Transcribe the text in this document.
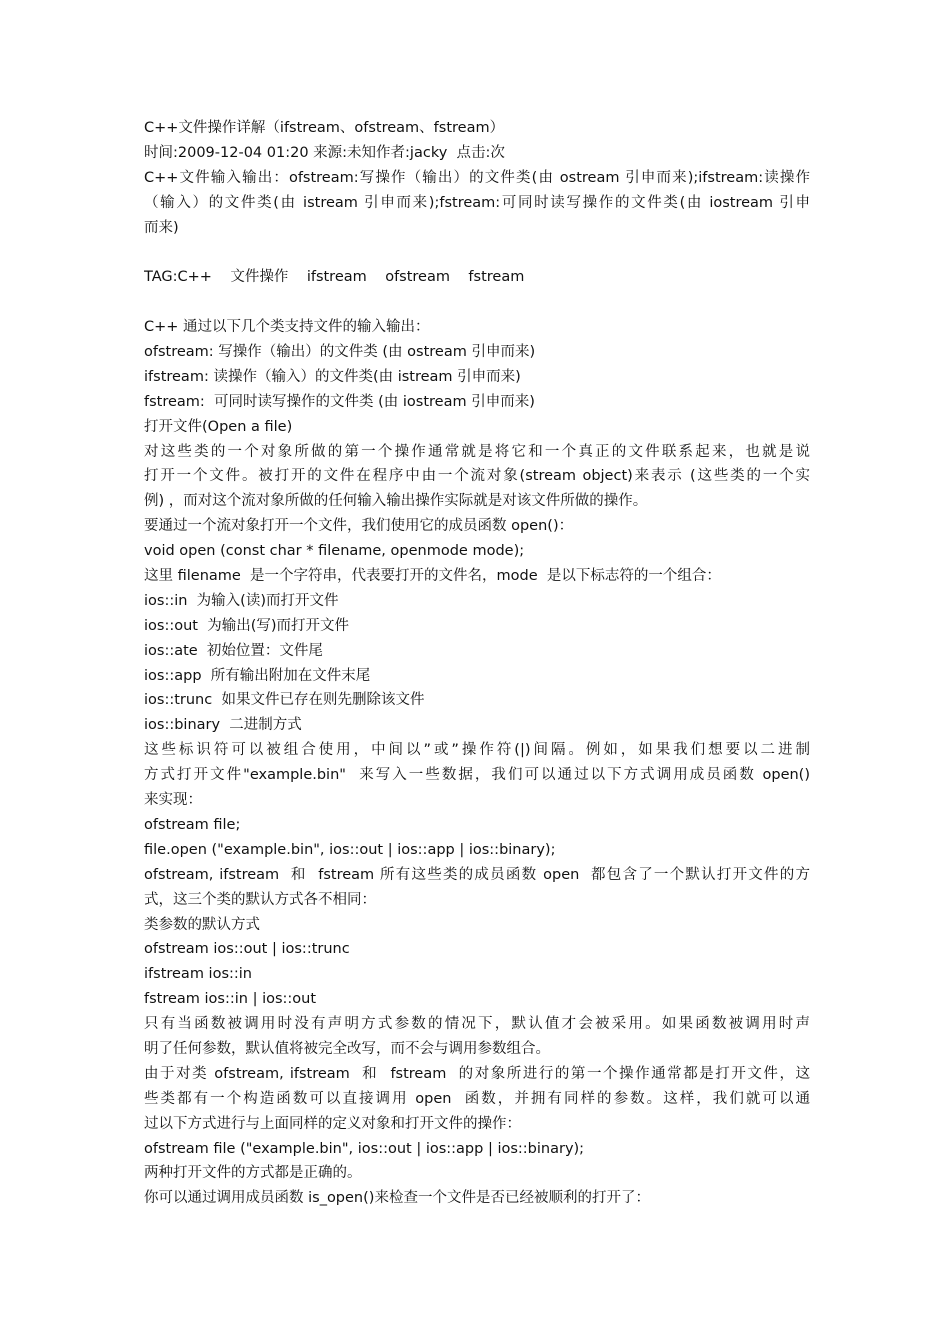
C++文件操作详解（ifstream、ofstream、fstream）
时间:2009-12-04 01:20 来源:未知作者:jacky  点击:次
C++文件输入输出：ofstream:写操作（输出）的文件类(由 ostream 引申而来);ifstream:读操作
（输入）的文件类(由 istream 引申而来);fstream:可同时读写操作的文件类(由 iostream 引申
而来)
TAG:C++    文件操作    ifstream    ofstream    fstream
C++ 通过以下几个类支持文件的输入输出：
ofstream: 写操作（输出）的文件类 (由 ostream 引申而来)
ifstream: 读操作（输入）的文件类(由 istream 引申而来)
fstream:  可同时读写操作的文件类 (由 iostream 引申而来)
打开文件(Open a file)
对这些类的一个对象所做的第一个操作通常就是将它和一个真正的文件联系起来，也就是说
打开一个文件。被打开的文件在程序中由一个流对象(stream object)来表示 (这些类的一个实
例) ，而对这个流对象所做的任何输入输出操作实际就是对该文件所做的操作。
要通过一个流对象打开一个文件，我们使用它的成员函数 open()：
void open (const char * filename, openmode mode);
这里 filename  是一个字符串，代表要打开的文件名，mode  是以下标志符的一个组合：
ios::in  为输入(读)而打开文件
ios::out  为输出(写)而打开文件
ios::ate  初始位置：文件尾
ios::app  所有输出附加在文件末尾
ios::trunc  如果文件已存在则先删除该文件
ios::binary  二进制方式
这些标识符可以被组合使用，中间以”或”操作符(|)间隔。例如，如果我们想要以二进制
方式打开文件"example.bin"  来写入一些数据，我们可以通过以下方式调用成员函数 open()
来实现：
ofstream file;
file.open ("example.bin", ios::out | ios::app | ios::binary);
ofstream, ifstream  和  fstream 所有这些类的成员函数 open  都包含了一个默认打开文件的方
式，这三个类的默认方式各不相同：
类参数的默认方式
ofstream ios::out | ios::trunc
ifstream ios::in
fstream ios::in | ios::out
只有当函数被调用时没有声明方式参数的情况下，默认值才会被采用。如果函数被调用时声
明了任何参数，默认值将被完全改写，而不会与调用参数组合。
由于对类 ofstream, ifstream  和  fstream  的对象所进行的第一个操作通常都是打开文件，这
些类都有一个构造函数可以直接调用 open  函数，并拥有同样的参数。这样，我们就可以通
过以下方式进行与上面同样的定义对象和打开文件的操作：
ofstream file ("example.bin", ios::out | ios::app | ios::binary);
两种打开文件的方式都是正确的。
你可以通过调用成员函数 is_open()来检查一个文件是否已经被顺利的打开了：
